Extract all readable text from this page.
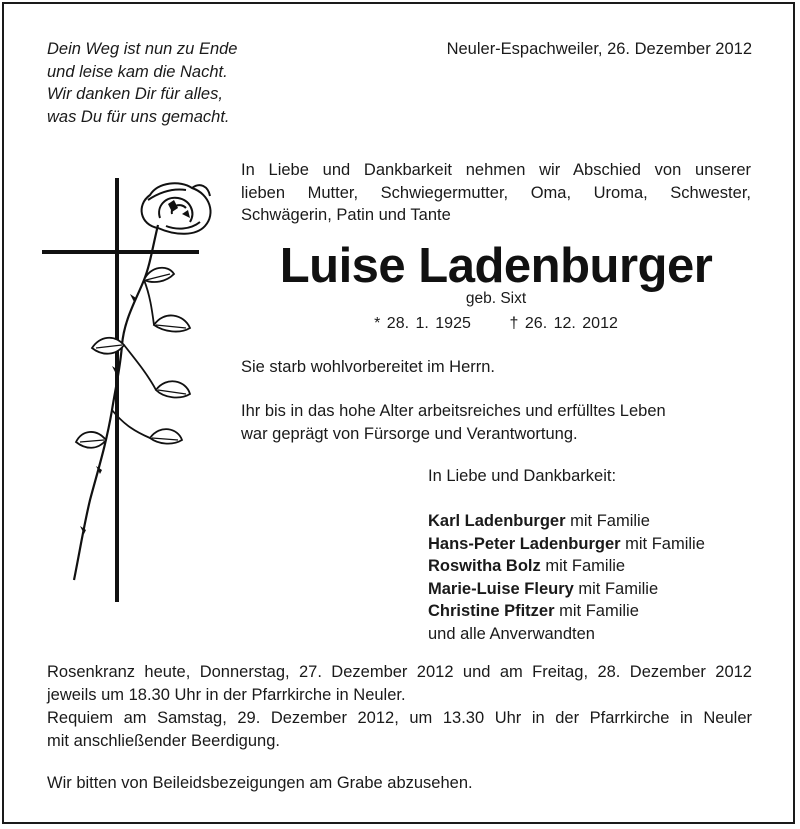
Dein Weg ist nun zu Ende
und leise kam die Nacht.
Wir danken Dir für alles,
was Du für uns gemacht.
Neuler-Espachweiler, 26. Dezember 2012
In Liebe und Dankbarkeit nehmen wir Abschied von unserer
lieben Mutter, Schwiegermutter, Oma, Uroma, Schwester,
Schwägerin, Patin und Tante
Luise Ladenburger
geb. Sixt
* 28. 1. 1925 † 26. 12. 2012
Sie starb wohlvorbereitet im Herrn.
Ihr bis in das hohe Alter arbeitsreiches und erfülltes Leben
war geprägt von Fürsorge und Verantwortung.
In Liebe und Dankbarkeit:
Karl Ladenburger mit Familie
Hans-Peter Ladenburger mit Familie
Roswitha Bolz mit Familie
Marie-Luise Fleury mit Familie
Christine Pfitzer mit Familie
und alle Anverwandten
Rosenkranz heute, Donnerstag, 27. Dezember 2012 und am Freitag, 28. Dezember 2012
jeweils um 18.30 Uhr in der Pfarrkirche in Neuler.
Requiem am Samstag, 29. Dezember 2012, um 13.30 Uhr in der Pfarrkirche in Neuler
mit anschließender Beerdigung.
Wir bitten von Beileidsbezeigungen am Grabe abzusehen.
